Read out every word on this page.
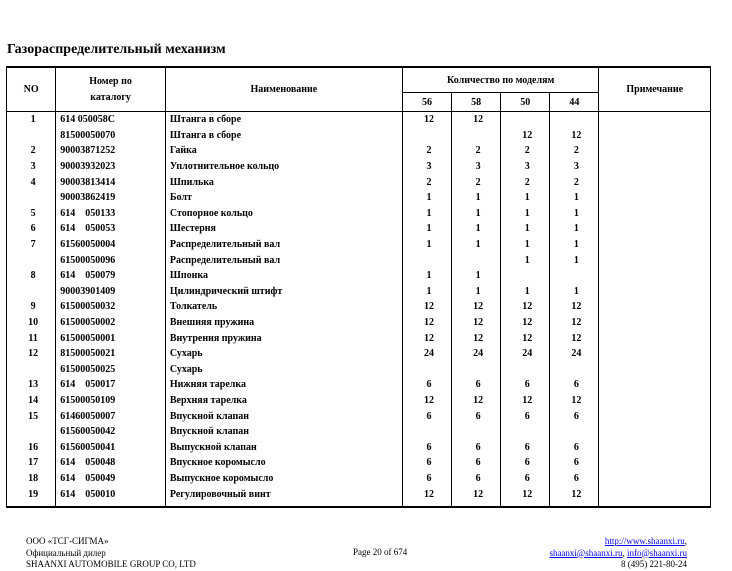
Газораспределительный механизм
NO	Номер по каталогу	Наименование	Количество по моделям				Примечание
			56	58	50	44	
1	614 050058C	Штанга в сборе	12	12			
	81500050070	Штанга в сборе			12	12	
2	90003871252	Гайка	2	2	2	2	
3	90003932023	Уплотнительное кольцо	3	3	3	3	
4	90003813414	Шпилька	2	2	2	2	
	90003862419	Болт	1	1	1	1	
5	614    050133	Стопорное кольцо	1	1	1	1	
6	614    050053	Шестерня	1	1	1	1	
7	61560050004	Распределительный вал	1	1	1	1	
	61500050096	Распределительный вал			1	1	
8	614    050079	Шпонка	1	1			
	90003901409	Цилиндрический штифт	1	1	1	1	
9	61500050032	Толкатель	12	12	12	12	
10	61500050002	Внешняя пружина	12	12	12	12	
11	61500050001	Внутрення пружина	12	12	12	12	
12	81500050021	Сухарь	24	24	24	24	
	61500050025	Сухарь					
13	614    050017	Нижняя тарелка	6	6	6	6	
14	61500050109	Верхняя тарелка	12	12	12	12	
15	61460050007	Впускной клапан	6	6	6	6	
	61560050042	Впускной клапан					
16	61560050041	Выпускной клапан	6	6	6	6	
17	614    050048	Впускное коромысло	6	6	6	6	
18	614    050049	Выпускное коромысло	6	6	6	6	
19	614    050010	Регулировочный винт	12	12	12	12	
ООО «ТСГ-СИГМА»
Официальный дилер
SHAANXI AUTOMOBILE GROUP CO, LTD
Page 20 of 674
http://www.shaanxi.ru,
shaanxi@shaanxi.ru, info@shaanxi.ru
8 (495) 221-80-24
